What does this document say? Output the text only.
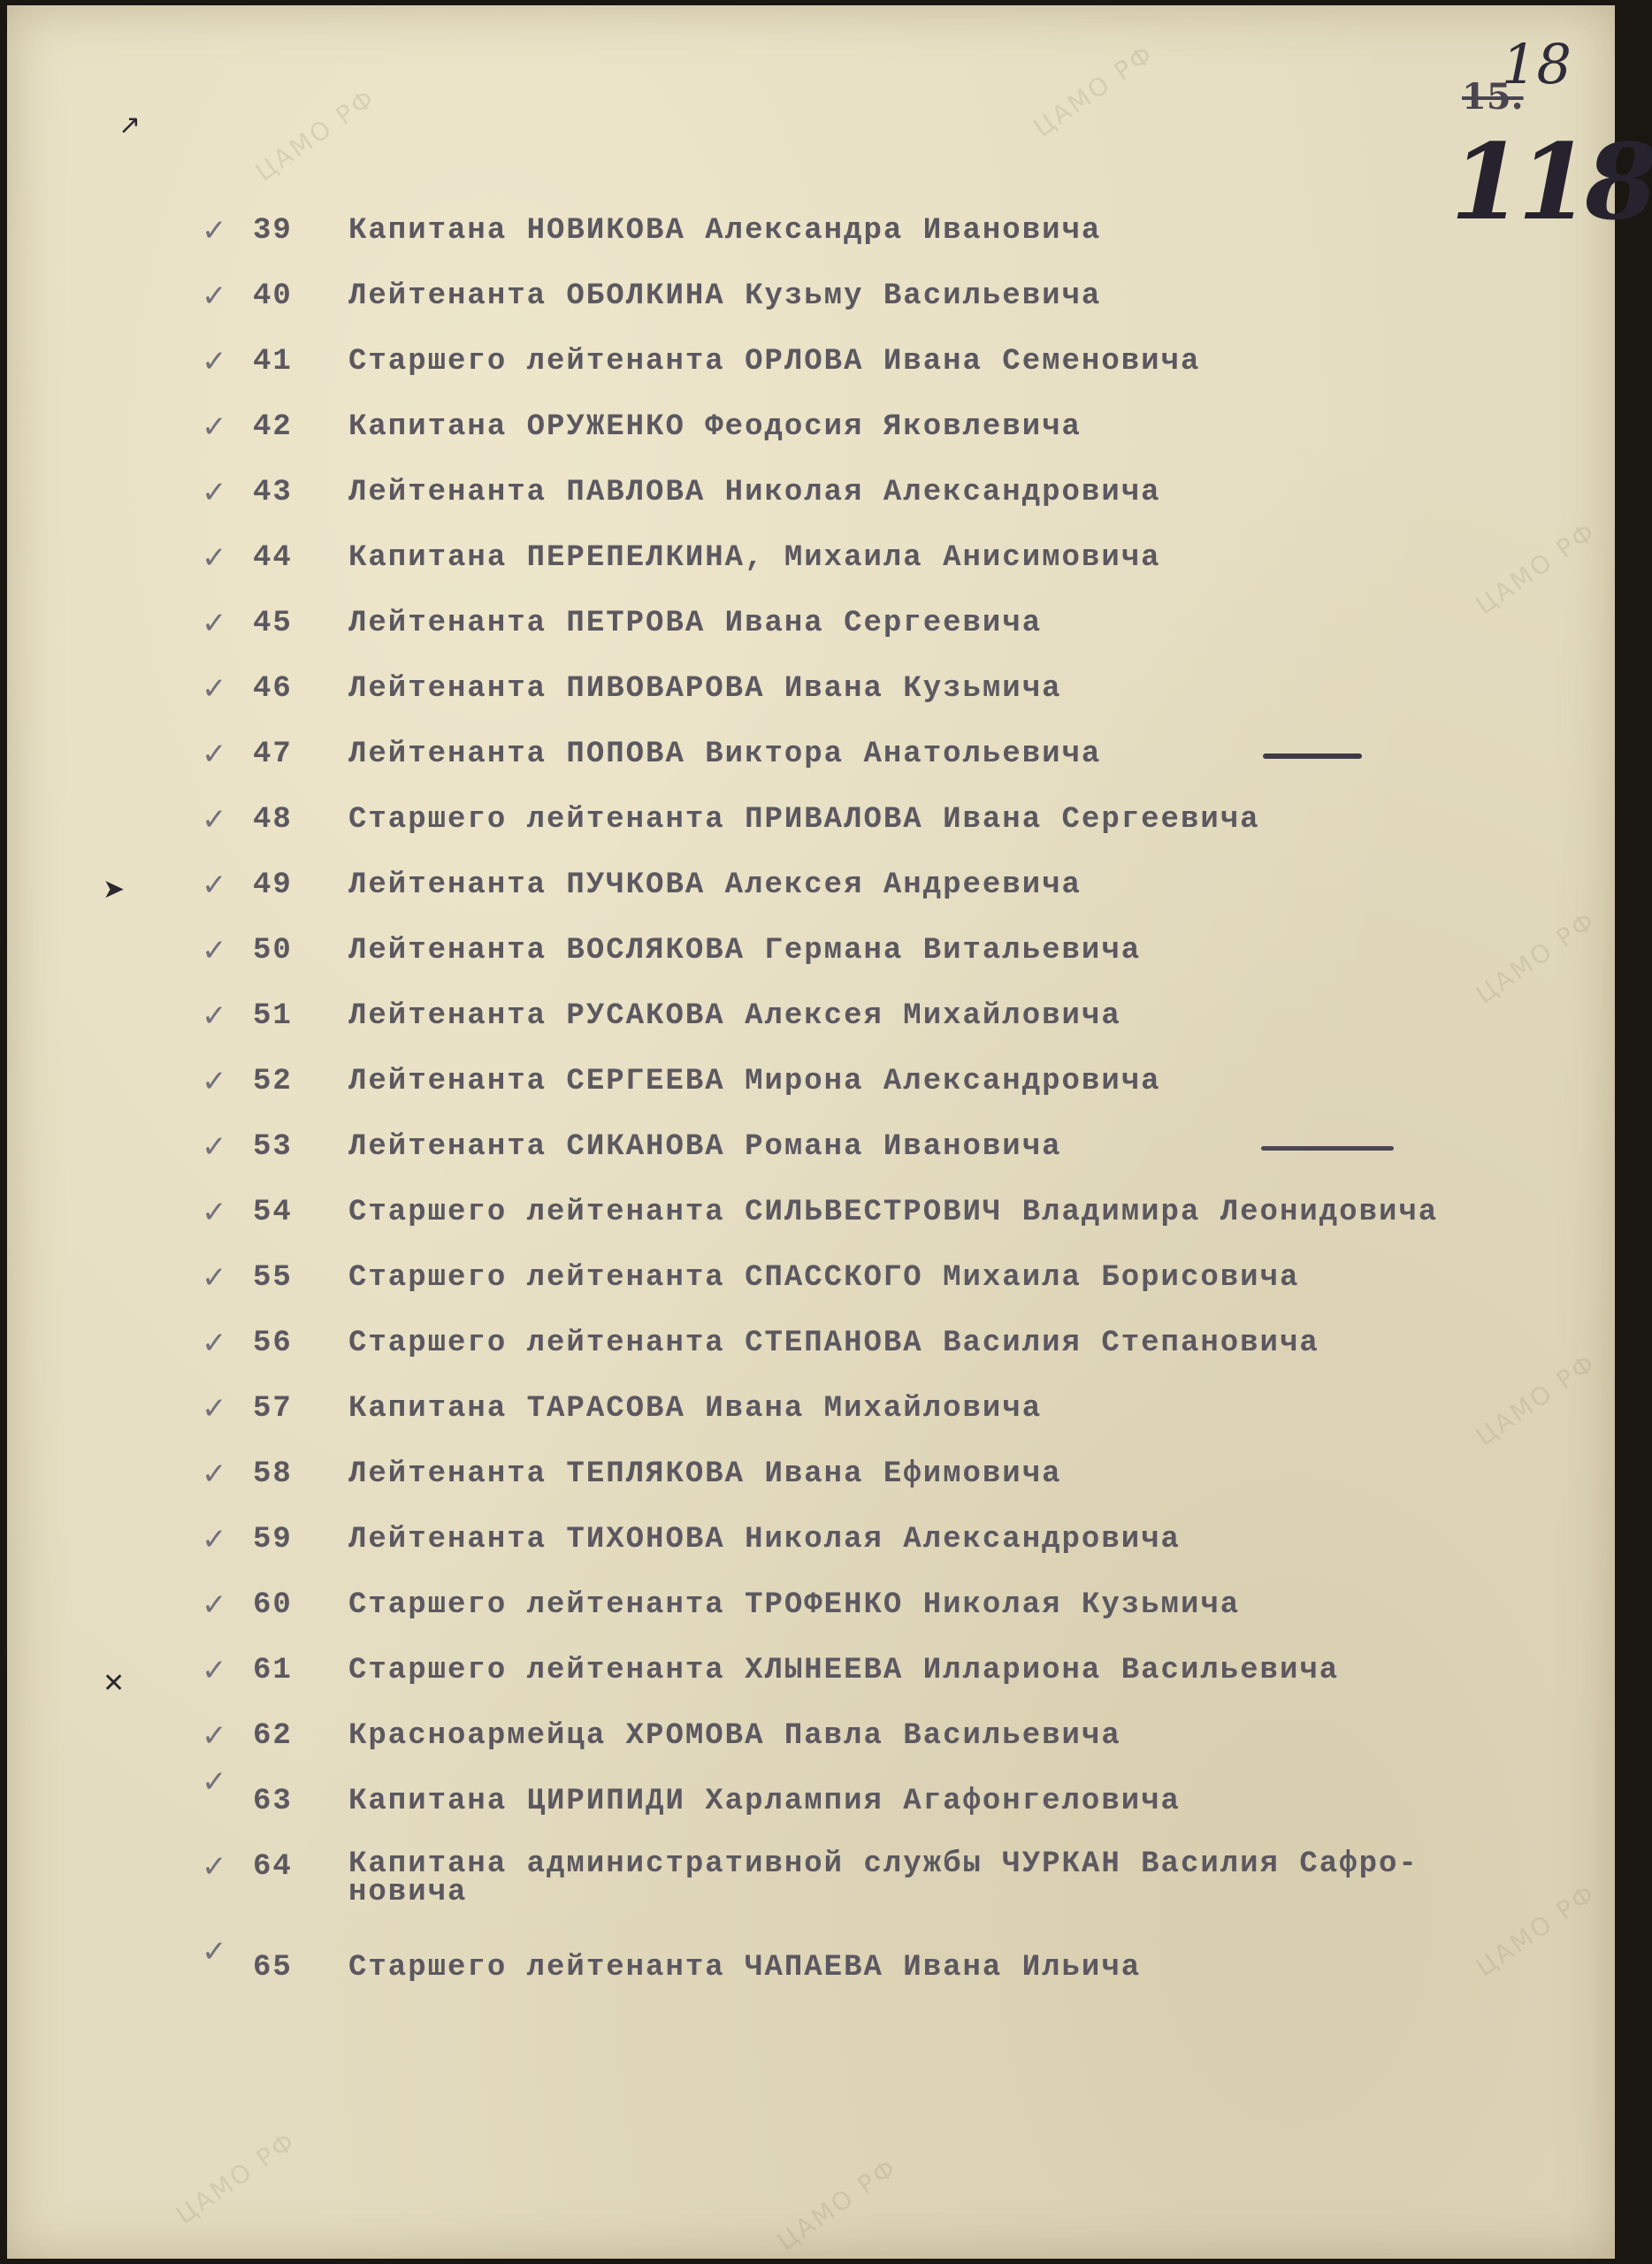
15.
18
118
ЦАМО РФ	ЦАМО РФ
ЦАМО РФ
ЦАМО РФ
ЦАМО РФ
ЦАМО РФ
ЦАМО РФ	ЦАМО РФ
↗
➤
✕
✓ 39	Капитана НОВИКОВА Александра Ивановича
✓ 40	Лейтенанта ОБОЛКИНА Кузьму Васильевича
✓ 41	Старшего лейтенанта ОРЛОВА Ивана Семеновича
✓ 42	Капитана ОРУЖЕНКО Феодосия Яковлевича
✓ 43	Лейтенанта ПАВЛОВА Николая Александровича
✓ 44	Капитана ПЕРЕПЕЛКИНА, Михаила Анисимовича
✓ 45	Лейтенанта ПЕТРОВА Ивана Сергеевича
✓ 46	Лейтенанта ПИВОВАРОВА Ивана Кузьмича
✓ 47	Лейтенанта ПОПОВА Виктора Анатольевича
✓ 48	Старшего лейтенанта ПРИВАЛОВА Ивана Сергеевича
✓ 49	Лейтенанта ПУЧКОВА Алексея Андреевича
✓ 50	Лейтенанта ВОСЛЯКОВА Германа Витальевича
✓ 51	Лейтенанта РУСАКОВА Алексея Михайловича
✓ 52	Лейтенанта СЕРГЕЕВА Мирона Александровича
✓ 53	Лейтенанта СИКАНОВА Романа Ивановича
✓ 54	Старшего лейтенанта СИЛЬВЕСТРОВИЧ Владимира Леонидовича
✓ 55	Старшего лейтенанта СПАССКОГО Михаила Борисовича
✓ 56	Старшего лейтенанта СТЕПАНОВА Василия Степановича
✓ 57	Капитана ТАРАСОВА Ивана Михайловича
✓ 58	Лейтенанта ТЕПЛЯКОВА Ивана Ефимовича
✓ 59	Лейтенанта ТИХОНОВА Николая Александровича
✓ 60	Старшего лейтенанта ТРОФЕНКО Николая Кузьмича
✓ 61	Старшего лейтенанта ХЛЫНЕЕВА Иллариона Васильевича
✓ 62	Красноармейца ХРОМОВА Павла Васильевича
✓
63	Капитана ЦИРИПИДИ Харлампия Агафонгеловича
✓ 64	Капитана административной службы ЧУРКАН Василия Сафро-
новича
✓ 65	Старшего лейтенанта ЧАПАЕВА Ивана Ильича
